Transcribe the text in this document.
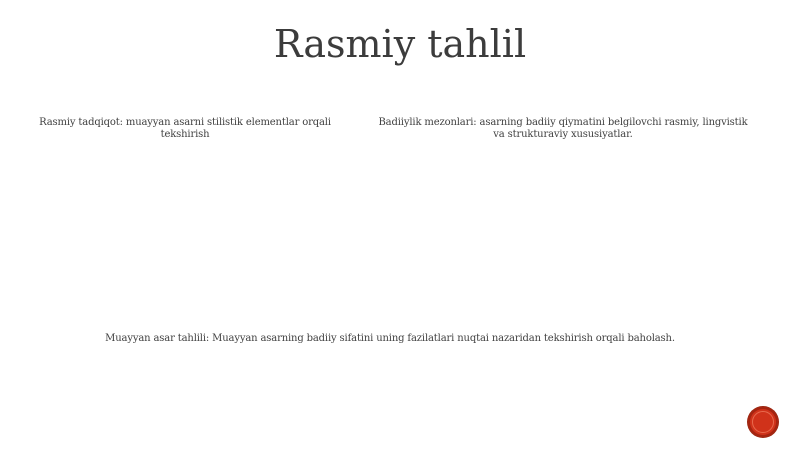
Rasmiy tahlil
Rasmiy tadqiqot: muayyan asarni stilistik elementlar orqali tekshirish
Badiiylik mezonlari: asarning badiiy qiymatini belgilovchi rasmiy, lingvistik va strukturaviy xususiyatlar.
Muayyan asar tahlili: Muayyan asarning badiiy sifatini uning fazilatlari nuqtai nazaridan tekshirish orqali baholash.
